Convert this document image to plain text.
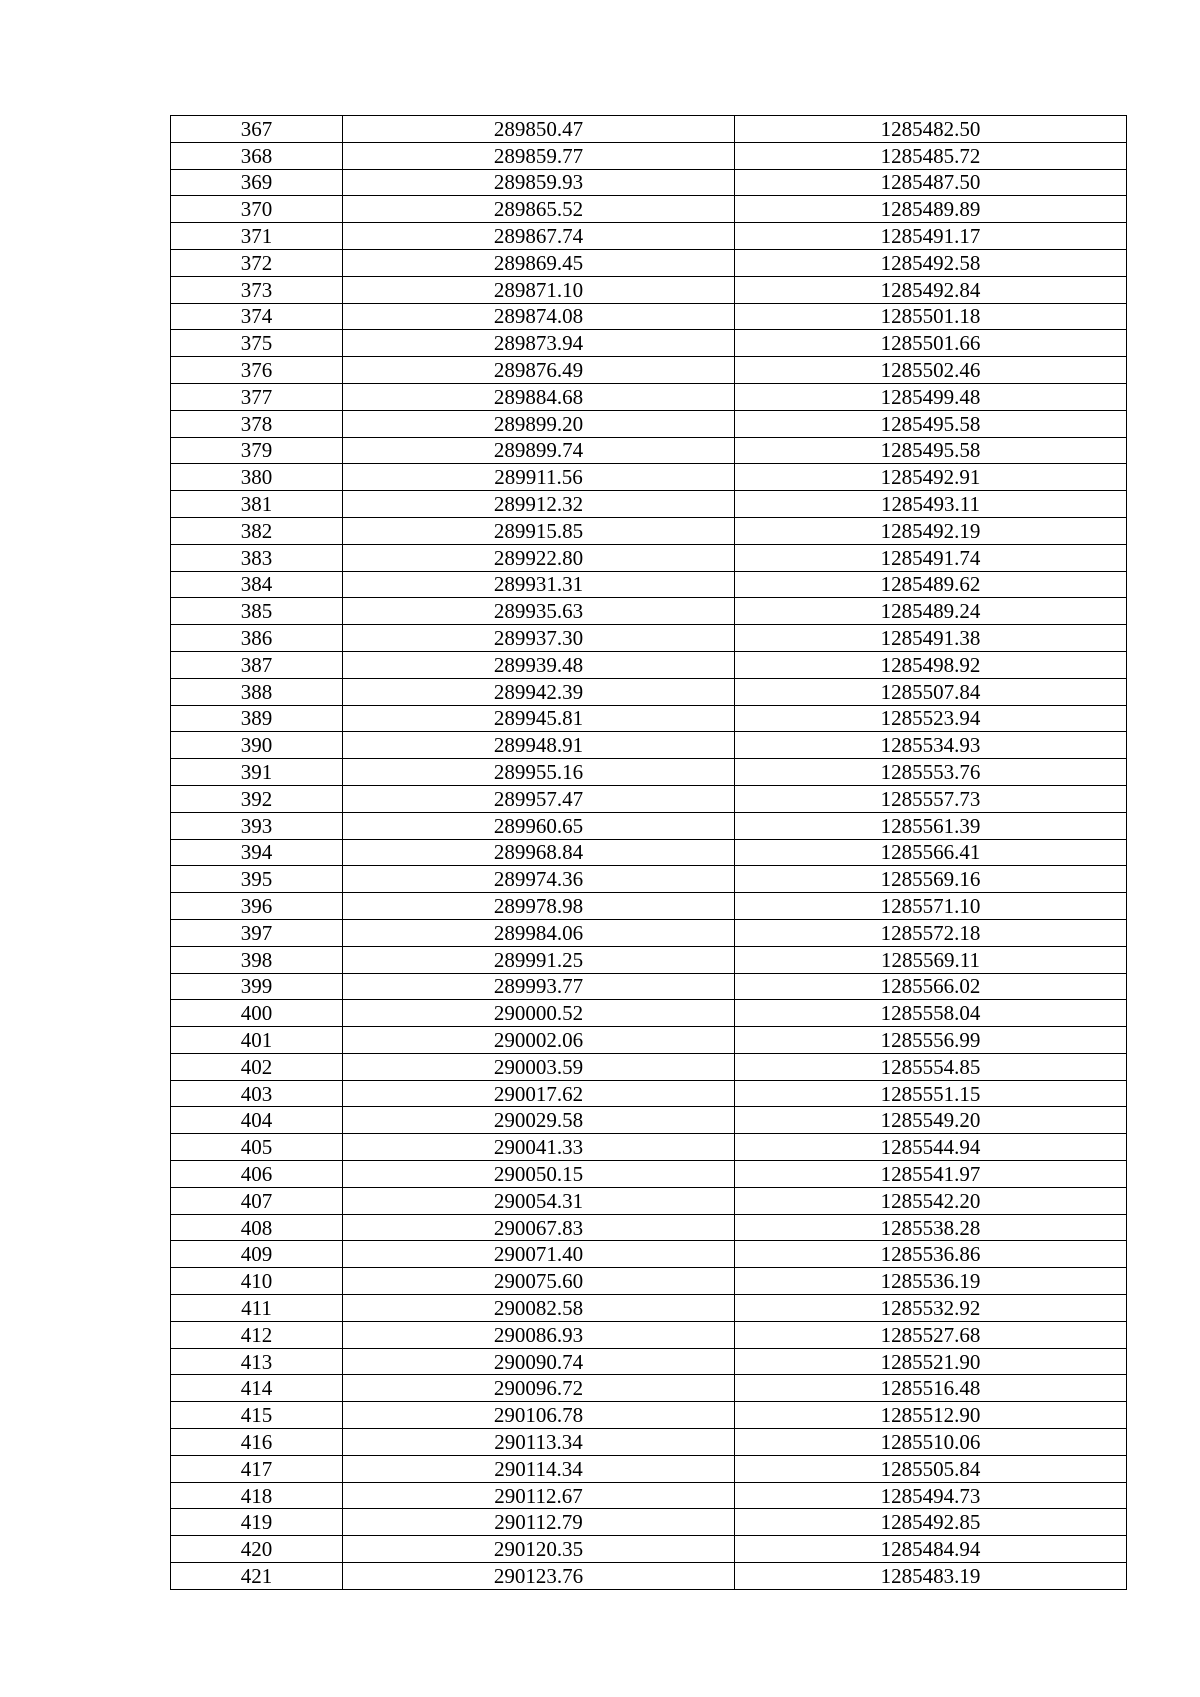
367	289850.47	1285482.50
368	289859.77	1285485.72
369	289859.93	1285487.50
370	289865.52	1285489.89
371	289867.74	1285491.17
372	289869.45	1285492.58
373	289871.10	1285492.84
374	289874.08	1285501.18
375	289873.94	1285501.66
376	289876.49	1285502.46
377	289884.68	1285499.48
378	289899.20	1285495.58
379	289899.74	1285495.58
380	289911.56	1285492.91
381	289912.32	1285493.11
382	289915.85	1285492.19
383	289922.80	1285491.74
384	289931.31	1285489.62
385	289935.63	1285489.24
386	289937.30	1285491.38
387	289939.48	1285498.92
388	289942.39	1285507.84
389	289945.81	1285523.94
390	289948.91	1285534.93
391	289955.16	1285553.76
392	289957.47	1285557.73
393	289960.65	1285561.39
394	289968.84	1285566.41
395	289974.36	1285569.16
396	289978.98	1285571.10
397	289984.06	1285572.18
398	289991.25	1285569.11
399	289993.77	1285566.02
400	290000.52	1285558.04
401	290002.06	1285556.99
402	290003.59	1285554.85
403	290017.62	1285551.15
404	290029.58	1285549.20
405	290041.33	1285544.94
406	290050.15	1285541.97
407	290054.31	1285542.20
408	290067.83	1285538.28
409	290071.40	1285536.86
410	290075.60	1285536.19
411	290082.58	1285532.92
412	290086.93	1285527.68
413	290090.74	1285521.90
414	290096.72	1285516.48
415	290106.78	1285512.90
416	290113.34	1285510.06
417	290114.34	1285505.84
418	290112.67	1285494.73
419	290112.79	1285492.85
420	290120.35	1285484.94
421	290123.76	1285483.19
